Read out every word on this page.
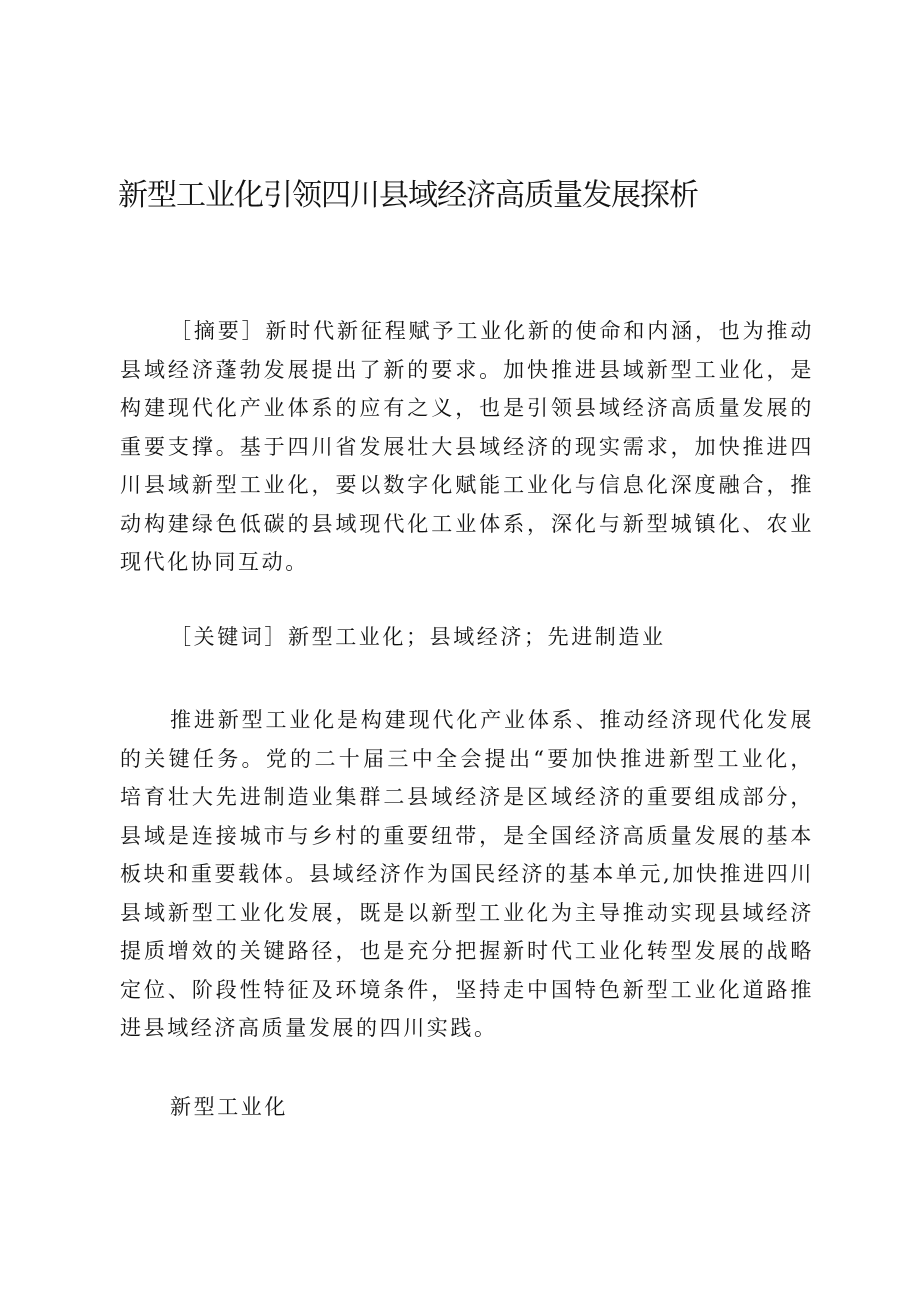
新型工业化引领四川县域经济高质量发展探析

［摘要］新时代新征程赋予工业化新的使命和内涵，也为推动县域经济蓬勃发展提出了新的要求。加快推进县域新型工业化，是构建现代化产业体系的应有之义，也是引领县域经济高质量发展的重要支撑。基于四川省发展壮大县域经济的现实需求，加快推进四川县域新型工业化，要以数字化赋能工业化与信息化深度融合，推动构建绿色低碳的县域现代化工业体系，深化与新型城镇化、农业现代化协同互动。

［关键词］新型工业化；县域经济；先进制造业

推进新型工业化是构建现代化产业体系、推动经济现代化发展的关键任务。党的二十届三中全会提出“要加快推进新型工业化，培育壮大先进制造业集群二县域经济是区域经济的重要组成部分，县域是连接城市与乡村的重要纽带，是全国经济高质量发展的基本板块和重要载体。县域经济作为国民经济的基本单元,加快推进四川县域新型工业化发展，既是以新型工业化为主导推动实现县域经济提质增效的关键路径，也是充分把握新时代工业化转型发展的战略定位、阶段性特征及环境条件，坚持走中国特色新型工业化道路推进县域经济高质量发展的四川实践。

新型工业化
